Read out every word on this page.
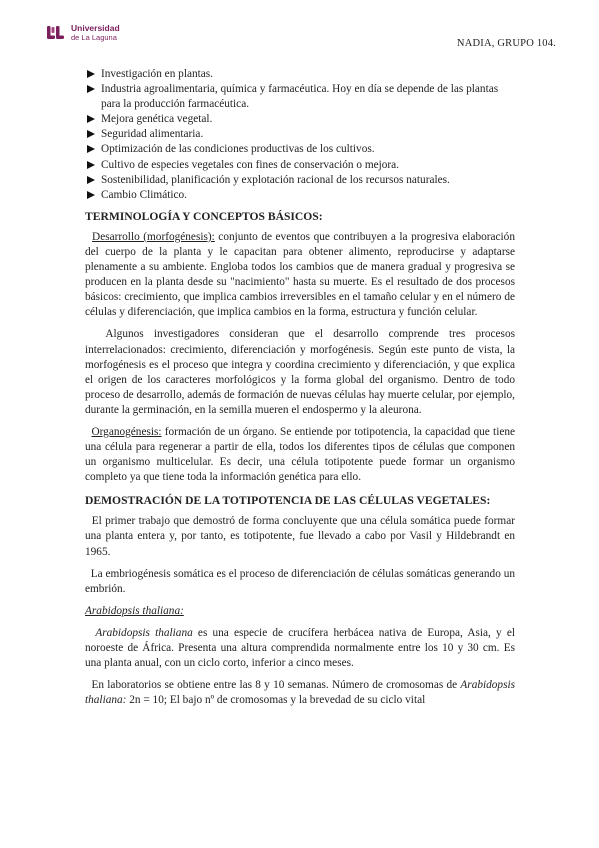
Universidad
de La Laguna
NADIA, GRUPO 104.
Investigación en plantas.
Industria agroalimentaria, química y farmacéutica. Hoy en día se depende de las plantas para la producción farmacéutica.
Mejora genética vegetal.
Seguridad alimentaria.
Optimización de las condiciones productivas de los cultivos.
Cultivo de especies vegetales con fines de conservación o mejora.
Sostenibilidad, planificación y explotación racional de los recursos naturales.
Cambio Climático.
TERMINOLOGÍA Y CONCEPTOS BÁSICOS:

Desarrollo (morfogénesis): conjunto de eventos que contribuyen a la progresiva elaboración del cuerpo de la planta y le capacitan para obtener alimento, reproducirse y adaptarse plenamente a su ambiente. Engloba todos los cambios que de manera gradual y progresiva se producen en la planta desde su "nacimiento" hasta su muerte. Es el resultado de dos procesos básicos: crecimiento, que implica cambios irreversibles en el tamaño celular y en el número de células y diferenciación, que implica cambios en la forma, estructura y función celular.

Algunos investigadores consideran que el desarrollo comprende tres procesos interrelacionados: crecimiento, diferenciación y morfogénesis. Según este punto de vista, la morfogénesis es el proceso que integra y coordina crecimiento y diferenciación, y que explica el origen de los caracteres morfológicos y la forma global del organismo. Dentro de todo proceso de desarrollo, además de formación de nuevas células hay muerte celular, por ejemplo, durante la germinación, en la semilla mueren el endospermo y la aleurona.

Organogénesis: formación de un órgano. Se entiende por totipotencia, la capacidad que tiene una célula para regenerar a partir de ella, todos los diferentes tipos de células que componen un organismo multicelular. Es decir, una célula totipotente puede formar un organismo completo ya que tiene toda la información genética para ello.

DEMOSTRACIÓN DE LA TOTIPOTENCIA DE LAS CÉLULAS VEGETALES:

El primer trabajo que demostró de forma concluyente que una célula somática puede formar una planta entera y, por tanto, es totipotente, fue llevado a cabo por Vasil y Hildebrandt en 1965.

La embriogénesis somática es el proceso de diferenciación de células somáticas generando un embrión.

Arabidopsis thaliana:

Arabidopsis thaliana es una especie de crucífera herbácea nativa de Europa, Asia, y el noroeste de África. Presenta una altura comprendida normalmente entre los 10 y 30 cm. Es una planta anual, con un ciclo corto, inferior a cinco meses.

En laboratorios se obtiene entre las 8 y 10 semanas. Número de cromosomas de Arabidopsis thaliana: 2n = 10; El bajo nº de cromosomas y la brevedad de su ciclo vital
